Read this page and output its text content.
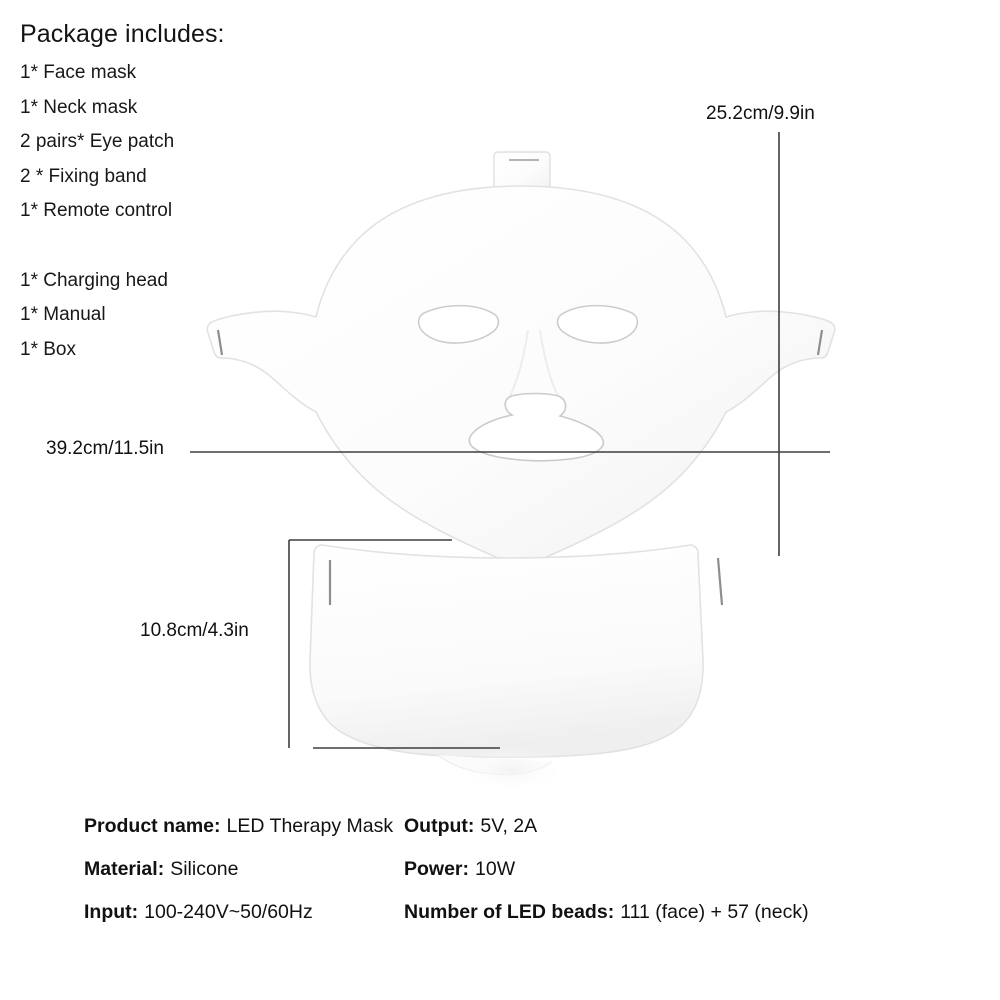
Package includes:
1* Face mask
1* Neck mask
2 pairs* Eye patch
2 * Fixing band
1* Remote control
1* Charging head
1* Manual
1* Box
25.2cm/9.9in
39.2cm/11.5in
10.8cm/4.3in
Product name: LED Therapy Mask Output: 5V, 2A
Material: Silicone	Power: 10W
Input: 100-240V~50/60Hz	Number of LED beads: 111 (face) + 57 (neck)
